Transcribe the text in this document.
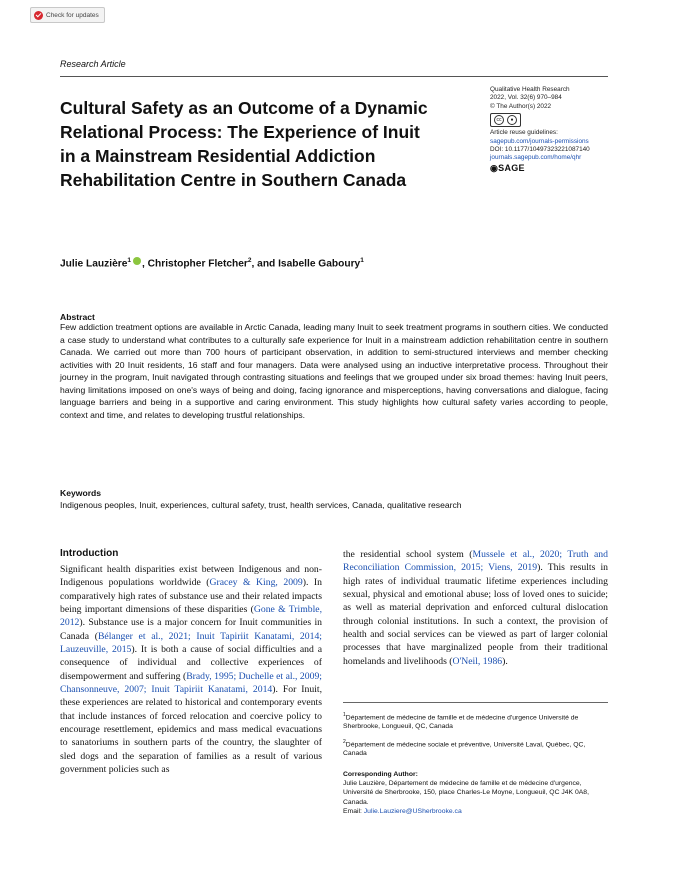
Check for updates
Research Article
Cultural Safety as an Outcome of a Dynamic Relational Process: The Experience of Inuit in a Mainstream Residential Addiction Rehabilitation Centre in Southern Canada
Qualitative Health Research
2022, Vol. 32(6) 970–984
© The Author(s) 2022
cc	●
Article reuse guidelines:
sagepub.com/journals-permissions
DOI: 10.1177/10497323221087140
journals.sagepub.com/home/qhr
◉SAGE
Julie Lauzière$^1$ , Christopher Fletcher$^2$, and Isabelle Gaboury$^1$
Abstract

Few addiction treatment options are available in Arctic Canada, leading many Inuit to seek treatment programs in southern cities. We conducted a case study to understand what contributes to a culturally safe experience for Inuit in a mainstream addiction rehabilitation centre in southern Canada. We carried out more than 700 hours of participant observation, in addition to semi-structured interviews and member checking activities with 20 Inuit residents, 16 staff and four managers. Data were analysed using an inductive interpretative process. Throughout their journey in the program, Inuit navigated through contrasting situations and feelings that we grouped under six broad themes: having Inuit peers, having limitations imposed on one's ways of being and doing, facing ignorance and misperceptions, having conversations and dialogue, facing language barriers and being in a supportive and caring environment. This study highlights how cultural safety varies according to people, context and time, and relates to developing trustful relationships.

Keywords
Indigenous peoples, Inuit, experiences, cultural safety, trust, health services, Canada, qualitative research
Introduction

Significant health disparities exist between Indigenous and non-Indigenous populations worldwide (Gracey & King, 2009). In comparatively high rates of substance use and their related impacts being important dimensions of these disparities (Gone & Trimble, 2012). Substance use is a major concern for Inuit communities in Canada (Bélanger et al., 2021; Inuit Tapiriit Kanatami, 2014; Lauzeuville, 2015). It is both a cause of social difficulties and a consequence of individual and collective experiences of disempowerment and suffering (Brady, 1995; Duchelle et al., 2009; Chansonneuve, 2007; Inuit Tapiriit Kanatami, 2014). For Inuit, these experiences are related to historical and contemporary events that include instances of forced relocation and coercive policy to encourage resettlement, epidemics and mass medical evacuations to sanatoriums in southern parts of the country, the slaughter of sled dogs and the separation of families as a result of various government policies such as

the residential school system (Mussele et al., 2020; Truth and Reconciliation Commission, 2015; Viens, 2019). This results in high rates of individual traumatic lifetime experiences including sexual, physical and emotional abuse; loss of loved ones to suicide; as well as material deprivation and enforced cultural dislocation through colonial institutions. In such a context, the provision of health and social services can be viewed as part of larger colonial processes that have marginalized people from their traditional homelands and livelihoods (O'Neil, 1986).

$^1$Département de médecine de famille et de médecine d'urgence Université de Sherbrooke, Longueuil, QC, Canada

$^2$Département de médecine sociale et préventive, Université Laval, Québec, QC, Canada

Corresponding Author:
Julie Lauzière, Département de médecine de famille et de médecine d'urgence, Université de Sherbrooke, 150, place Charles-Le Moyne, Longueuil, QC J4K 0A8, Canada.
Email: Julie.Lauziere@USherbrooke.ca
